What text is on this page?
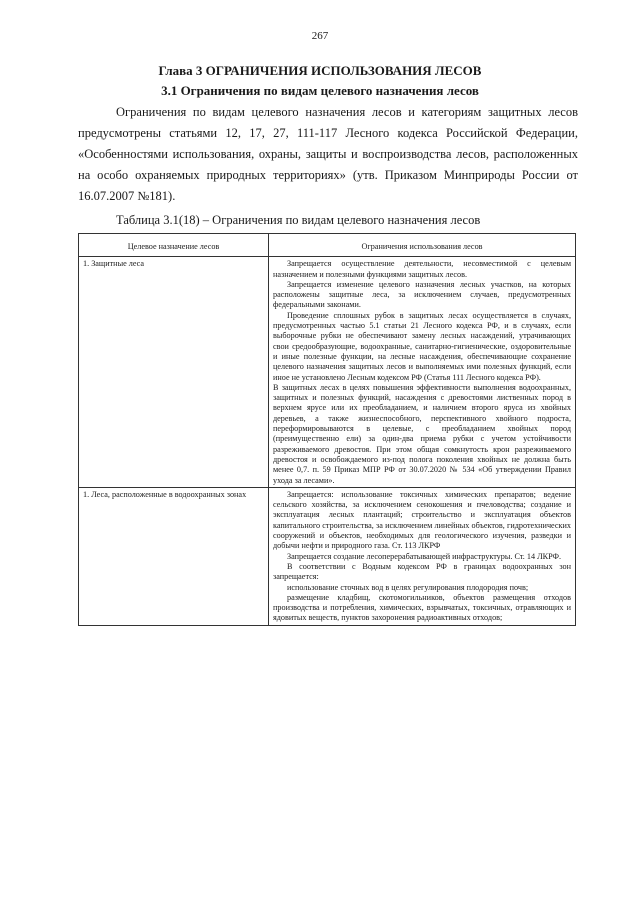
267
Глава 3 ОГРАНИЧЕНИЯ ИСПОЛЬЗОВАНИЯ ЛЕСОВ
3.1 Ограничения по видам целевого назначения лесов

Ограничения по видам целевого назначения лесов и категориям защитных лесов предусмотрены статьями 12, 17, 27, 111-117 Лесного кодекса Российской Федерации, «Особенностями использования, охраны, защиты и воспроизводства лесов, расположенных на особо охраняемых природных территориях» (утв. Приказом Минприроды России от 16.07.2007 №181).

Таблица 3.1(18) – Ограничения по видам целевого назначения лесов

Целевое назначение лесов	Ограничения использования лесов
1. Защитные леса	Запрещается осуществление деятельности, несовместимой с целевым назначением и полезными функциями защитных лесов.

Запрещается изменение целевого назначения лесных участков, на которых расположены защитные леса, за исключением случаев, предусмотренных федеральными законами.

Проведение сплошных рубок в защитных лесах осуществляется в случаях, предусмотренных частью 5.1 статьи 21 Лесного кодекса РФ, и в случаях, если выборочные рубки не обеспечивают замену лесных насаждений, утрачивающих свои средообразующие, водоохранные, санитарно-гигиенические, оздоровительные и иные полезные функции, на лесные насаждения, обеспечивающие сохранение целевого назначения защитных лесов и выполняемых ими полезных функций, если иное не установлено Лесным кодексом РФ (Статья 111 Лесного кодекса РФ).

В защитных лесах в целях повышения эффективности выполнения водоохранных, защитных и полезных функций, насаждения с древостоями лиственных пород в верхнем ярусе или их преобладанием, и наличием второго яруса из хвойных деревьев, а также жизнеспособного, перспективного хвойного подроста, переформировываются в целевые, с преобладанием хвойных пород (преимущественно ели) за один-два приема рубки с учетом устойчивости разреживаемого древостоя. При этом общая сомкнутость крон разреживаемого древостоя и освобождаемого из-под полога поколения хвойных не должна быть менее 0,7. п. 59 Приказ МПР РФ от 30.07.2020 № 534 «Об утверждении Правил ухода за лесами».

1. Леса, расположенные в водоохранных зонах	Запрещается: использование токсичных химических препаратов; ведение сельского хозяйства, за исключением сенокошения и пчеловодства; создание и эксплуатация лесных плантаций; строительство и эксплуатация объектов капитального строительства, за исключением линейных объектов, гидротехнических сооружений и объектов, необходимых для геологического изучения, разведки и добычи нефти и природного газа. Ст. 113 ЛКРФ

Запрещается создание лесоперерабатывающей инфраструктуры. Ст. 14 ЛКРФ.

В соответствии с Водным кодексом РФ в границах водоохранных зон запрещается:

использование сточных вод в целях регулирования плодородия почв;

размещение кладбищ, скотомогильников, объектов размещения отходов производства и потребления, химических, взрывчатых, токсичных, отравляющих и ядовитых веществ, пунктов захоронения радиоактивных отходов;
